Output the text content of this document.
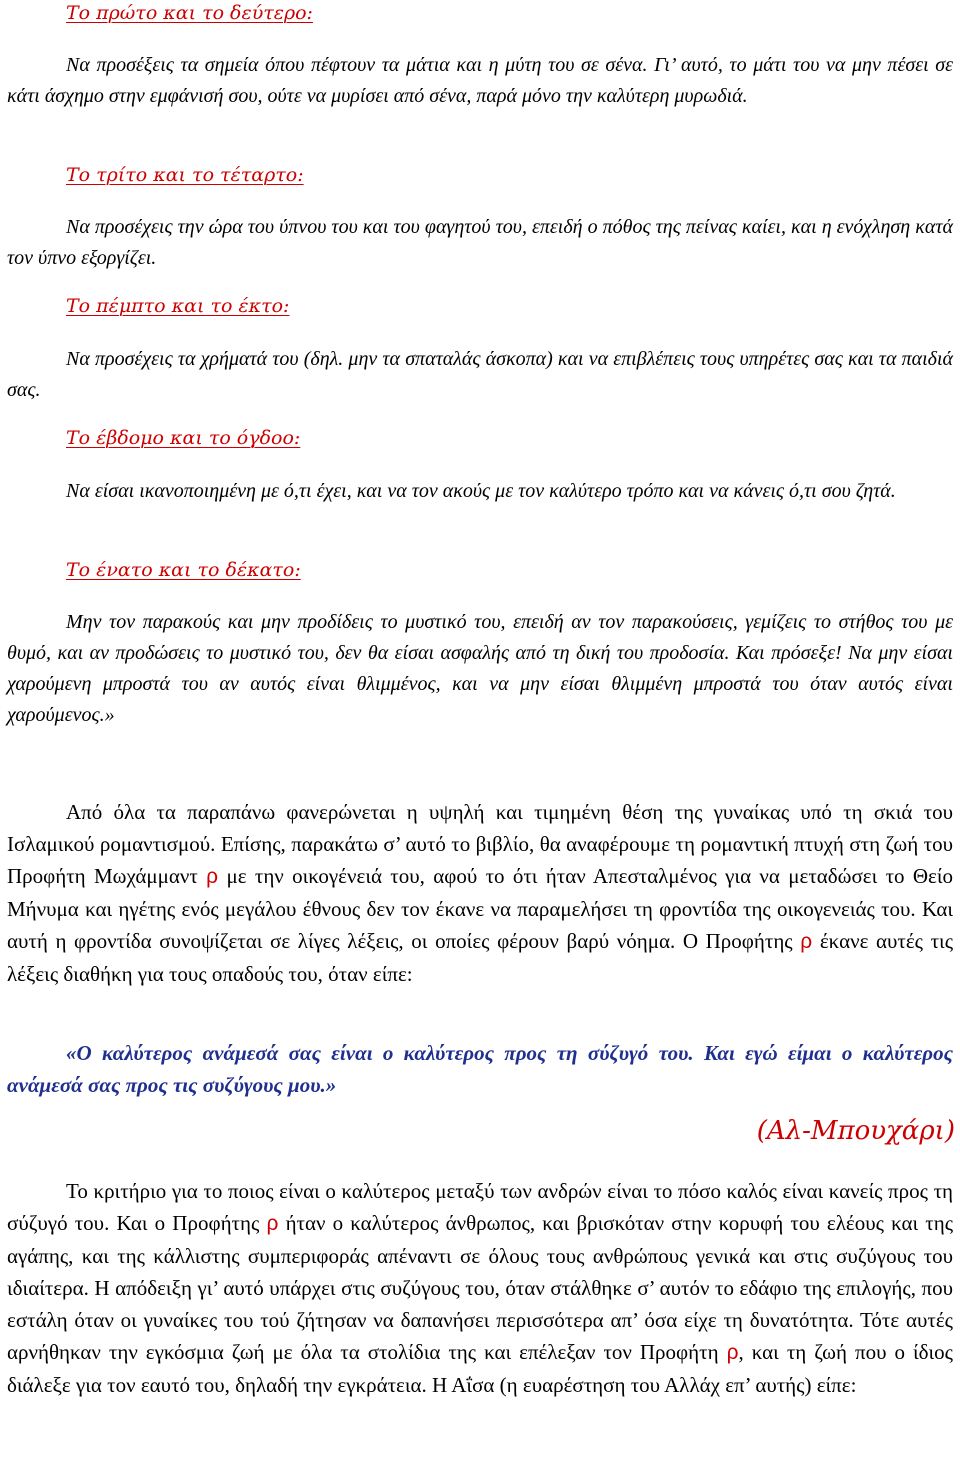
Το πρώτο και το δεύτερο:

Να προσέξεις τα σημεία όπου πέφτουν τα μάτια και η μύτη του σε σένα. Γι’ αυτό, το μάτι του να μην πέσει σε κάτι άσχημο στην εμφάνισή σου, ούτε να μυρίσει από σένα, παρά μόνο την καλύτερη μυρωδιά.

Το τρίτο και το τέταρτο:

Να προσέχεις την ώρα του ύπνου του και του φαγητού του, επειδή ο πόθος της πείνας καίει, και η ενόχληση κατά τον ύπνο εξοργίζει.

Το πέμπτο και το έκτο:

Να προσέχεις τα χρήματά του (δηλ. μην τα σπαταλάς άσκοπα) και να επιβλέπεις τους υπηρέτες σας και τα παιδιά σας.

Το έβδομο και το όγδοο:

Να είσαι ικανοποιημένη με ό,τι έχει, και να τον ακούς με τον καλύτερο τρόπο και να κάνεις ό,τι σου ζητά.

Το ένατο και το δέκατο:

Μην τον παρακούς και μην προδίδεις το μυστικό του, επειδή αν τον παρακούσεις, γεμίζεις το στήθος του με θυμό, και αν προδώσεις το μυστικό του, δεν θα είσαι ασφαλής από τη δική του προδοσία. Και πρόσεξε! Να μην είσαι χαρούμενη μπροστά του αν αυτός είναι θλιμμένος, και να μην είσαι θλιμμένη μπροστά του όταν αυτός είναι χαρούμενος.»

Από όλα τα παραπάνω φανερώνεται η υψηλή και τιμημένη θέση της γυναίκας υπό τη σκιά του Ισλαμικού ρομαντισμού. Επίσης, παρακάτω σ’ αυτό το βιβλίο, θα αναφέρουμε τη ρομαντική πτυχή στη ζωή του Προφήτη Μωχάμμαντ ρ με την οικογένειά του, αφού το ότι ήταν Απεσταλμένος για να μεταδώσει το Θείο Μήνυμα και ηγέτης ενός μεγάλου έθνους δεν τον έκανε να παραμελήσει τη φροντίδα της οικογενειάς του. Και αυτή η φροντίδα συνοψίζεται σε λίγες λέξεις, οι οποίες φέρουν βαρύ νόημα. Ο Προφήτης ρ έκανε αυτές τις λέξεις διαθήκη για τους οπαδούς του, όταν είπε:

«Ο καλύτερος ανάμεσά σας είναι ο καλύτερος προς τη σύζυγό του. Και εγώ είμαι ο καλύτερος ανάμεσά σας προς τις συζύγους μου.»

(Αλ-Μπουχάρι)

Το κριτήριο για το ποιος είναι ο καλύτερος μεταξύ των ανδρών είναι το πόσο καλός είναι κανείς προς τη σύζυγό του. Και ο Προφήτης ρ ήταν ο καλύτερος άνθρωπος, και βρισκόταν στην κορυφή του ελέους και της αγάπης, και της κάλλιστης συμπεριφοράς απέναντι σε όλους τους ανθρώπους γενικά και στις συζύγους του ιδιαίτερα. Η απόδειξη γι’ αυτό υπάρχει στις συζύγους του, όταν στάλθηκε σ’ αυτόν το εδάφιο της επιλογής, που εστάλη όταν οι γυναίκες του τού ζήτησαν να δαπανήσει περισσότερα απ’ όσα είχε τη δυνατότητα. Τότε αυτές αρνήθηκαν την εγκόσμια ζωή με όλα τα στολίδια της και επέλεξαν τον Προφήτη ρ, και τη ζωή που ο ίδιος διάλεξε για τον εαυτό του, δηλαδή την εγκράτεια. Η Αΐσα (η ευαρέστηση του Αλλάχ επ’ αυτής) είπε:
